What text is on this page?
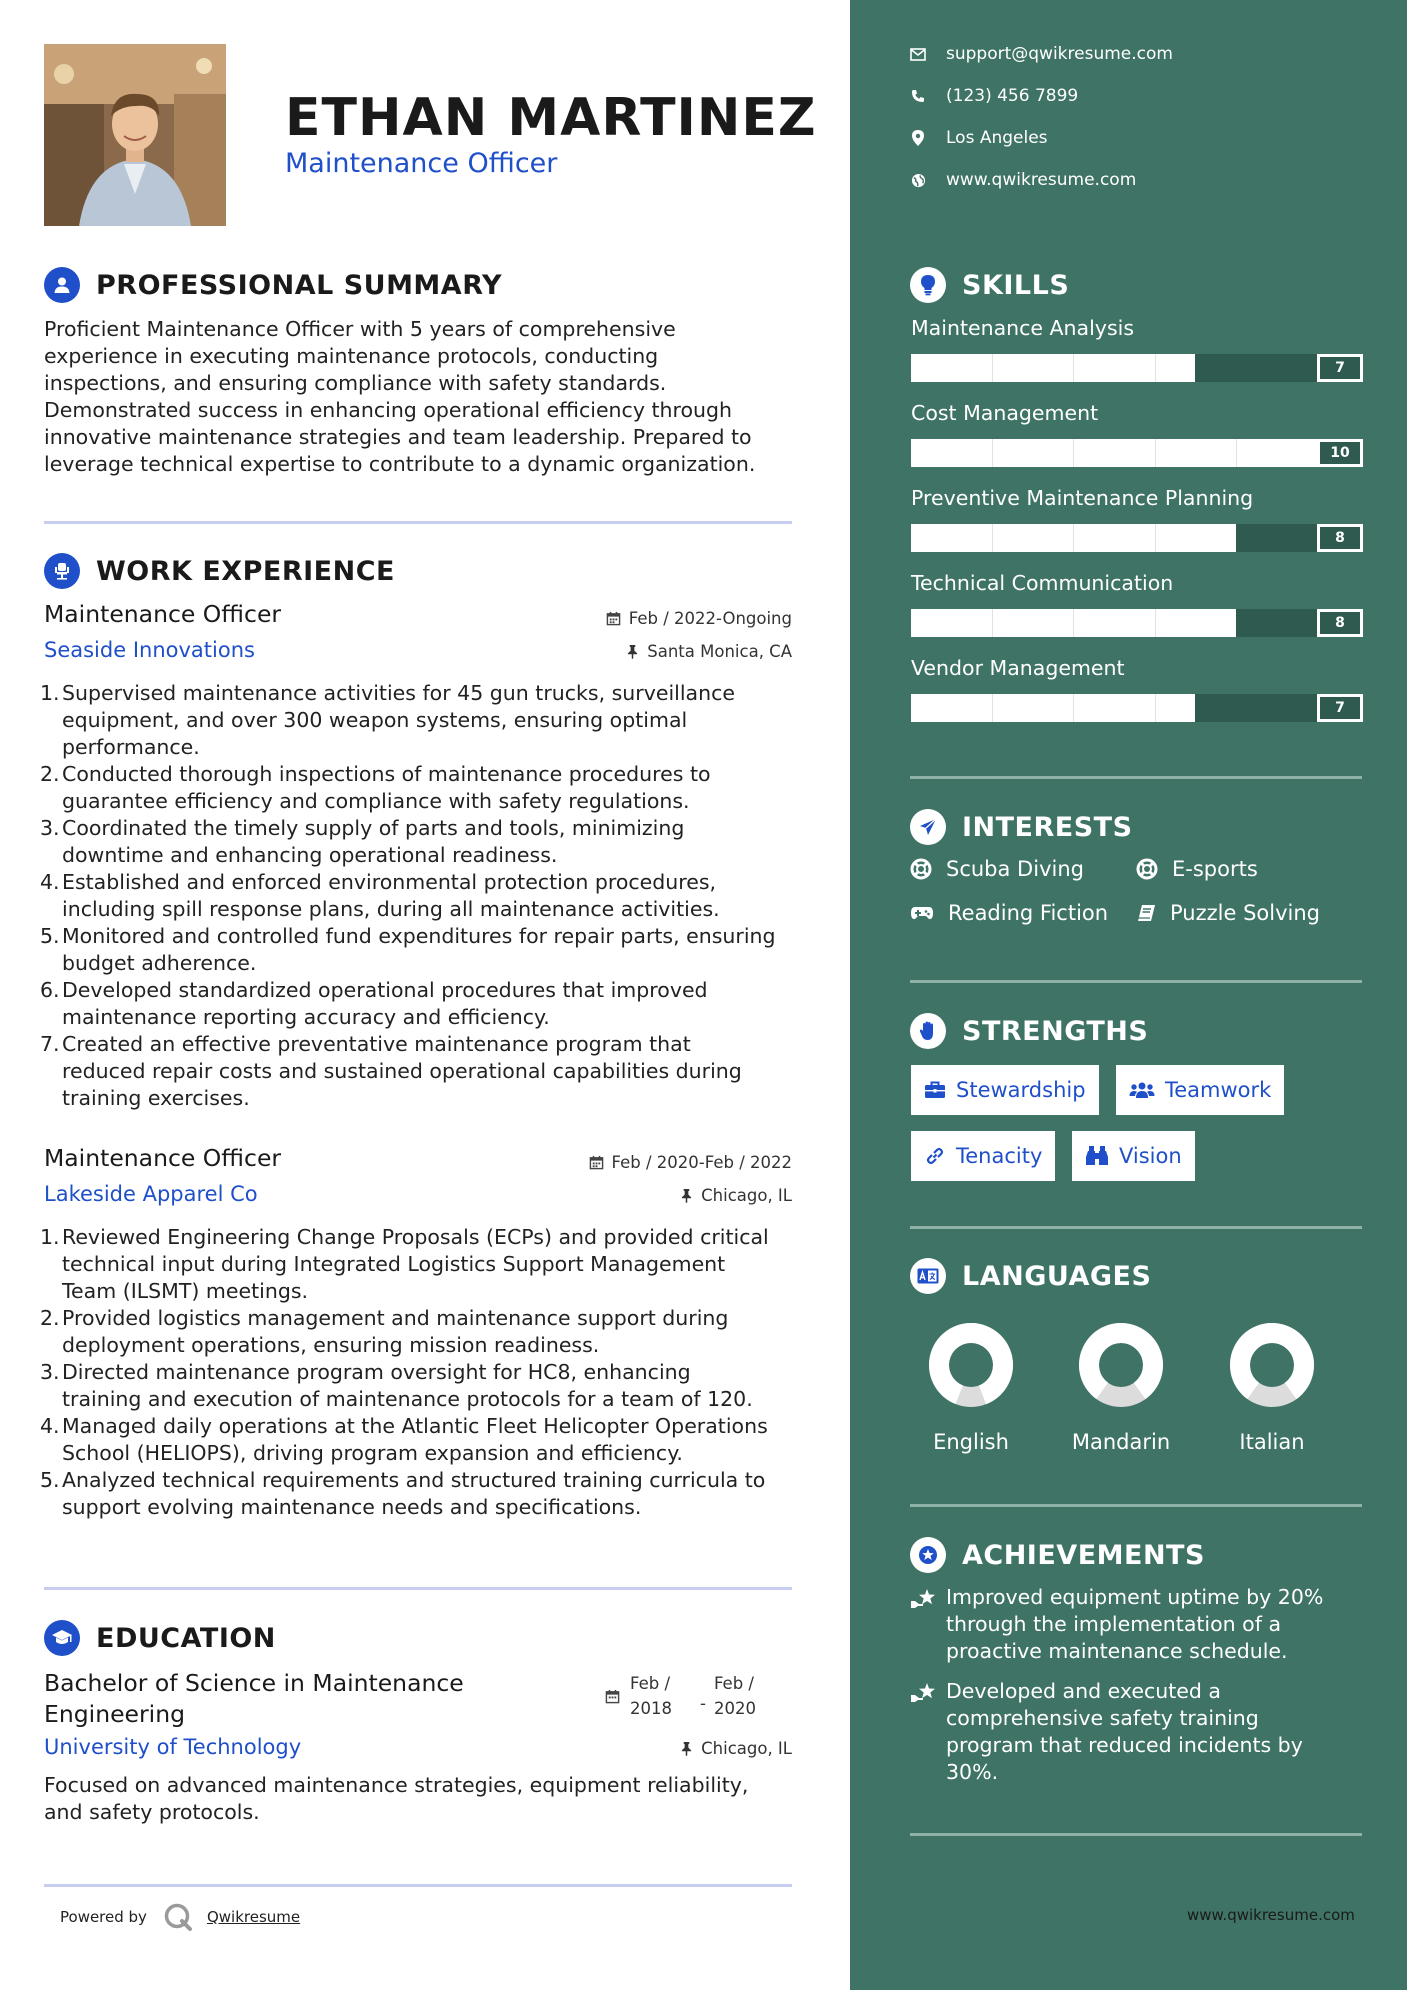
ETHAN MARTINEZ
Maintenance Officer
PROFESSIONAL SUMMARY
Proficient Maintenance Officer with 5 years of comprehensive
experience in executing maintenance protocols, conducting
inspections, and ensuring compliance with safety standards.
Demonstrated success in enhancing operational efficiency through
innovative maintenance strategies and team leadership. Prepared to
leverage technical expertise to contribute to a dynamic organization.
WORK EXPERIENCE
Maintenance Officer	Feb / 2022-Ongoing
Seaside Innovations	Santa Monica, CA
1. Supervised maintenance activities for 45 gun trucks, surveillance
equipment, and over 300 weapon systems, ensuring optimal
performance.
2. Conducted thorough inspections of maintenance procedures to
guarantee efficiency and compliance with safety regulations.
3. Coordinated the timely supply of parts and tools, minimizing
downtime and enhancing operational readiness.
4. Established and enforced environmental protection procedures,
including spill response plans, during all maintenance activities.
5. Monitored and controlled fund expenditures for repair parts, ensuring
budget adherence.
6. Developed standardized operational procedures that improved
maintenance reporting accuracy and efficiency.
7. Created an effective preventative maintenance program that
reduced repair costs and sustained operational capabilities during
training exercises.
Maintenance Officer	Feb / 2020-Feb / 2022
Lakeside Apparel Co	Chicago, IL
1. Reviewed Engineering Change Proposals (ECPs) and provided critical
technical input during Integrated Logistics Support Management
Team (ILSMT) meetings.
2. Provided logistics management and maintenance support during
deployment operations, ensuring mission readiness.
3. Directed maintenance program oversight for HC8, enhancing
training and execution of maintenance protocols for a team of 120.
4. Managed daily operations at the Atlantic Fleet Helicopter Operations
School (HELIOPS), driving program expansion and efficiency.
5. Analyzed technical requirements and structured training curricula to
support evolving maintenance needs and specifications.
EDUCATION
Bachelor of Science in Maintenance
Engineering
Feb /
2018 -
Feb /
2020
University of Technology	Chicago, IL
Focused on advanced maintenance strategies, equipment reliability,
and safety protocols.
Powered by	Qwikresume
support@qwikresume.com
(123) 456 7899
Los Angeles
www.qwikresume.com
SKILLS
Maintenance Analysis
7
Cost Management
10
Preventive Maintenance Planning
8
Technical Communication
8
Vendor Management
7
INTERESTS
Scuba Diving	E-sports
Reading Fiction	Puzzle Solving
STRENGTHS
Stewardship	Teamwork
Tenacity	Vision
LANGUAGES
English	Mandarin	Italian
ACHIEVEMENTS
Improved equipment uptime by 20%
through the implementation of a
proactive maintenance schedule.
Developed and executed a
comprehensive safety training
program that reduced incidents by
30%.
www.qwikresume.com
